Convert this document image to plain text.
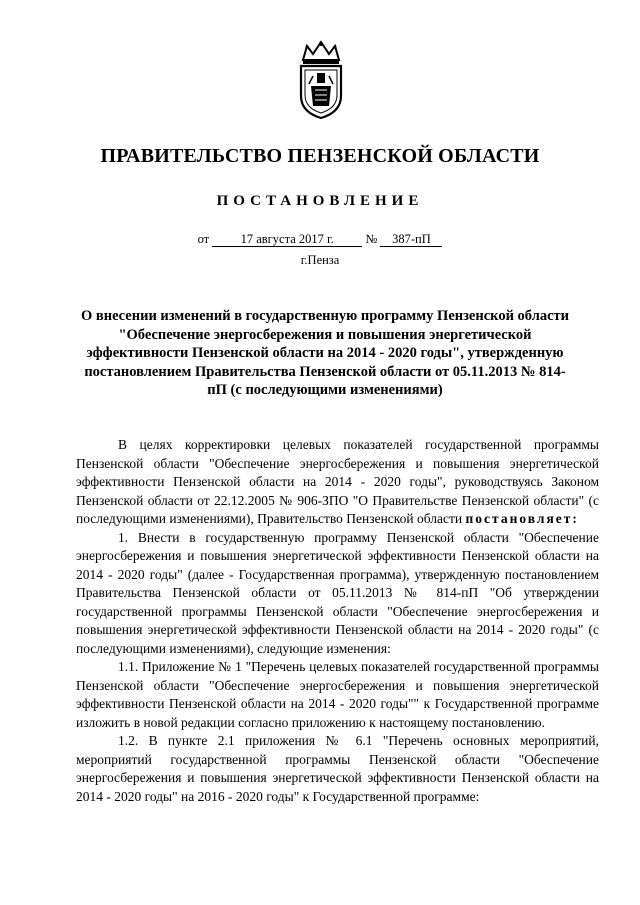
ПРАВИТЕЛЬСТВО ПЕНЗЕНСКОЙ ОБЛАСТИ
ПОСТАНОВЛЕНИЕ
от	17 августа 2017 г.	№ 387-пП
г.Пенза
О внесении изменений в государственную программу Пензенской области "Обеспечение энергосбережения и повышения энергетической эффективности Пензенской области на 2014 - 2020 годы", утвержденную постановлением Правительства Пензенской области от 05.11.2013 № 814-пП (с последующими изменениями)

В целях корректировки целевых показателей государственной программы Пензенской области "Обеспечение энергосбережения и повышения энергетической эффективности Пензенской области на 2014 - 2020 годы", руководствуясь Законом Пензенской области от 22.12.2005 № 906-ЗПО "О Правительстве Пензенской области" (с последующими изменениями), Правительство Пензенской области постановляет:

1. Внести в государственную программу Пензенской области "Обеспечение энергосбережения и повышения энергетической эффективности Пензенской области на 2014 - 2020 годы" (далее - Государственная программа), утвержденную постановлением Правительства Пензенской области от 05.11.2013 № 814-пП "Об утверждении государственной программы Пензенской области "Обеспечение энергосбережения и повышения энергетической эффективности Пензенской области на 2014 - 2020 годы" (с последующими изменениями), следующие изменения:

1.1. Приложение № 1 "Перечень целевых показателей государственной программы Пензенской области "Обеспечение энергосбережения и повышения энергетической эффективности Пензенской области на 2014 - 2020 годы"" к Государственной программе изложить в новой редакции согласно приложению к настоящему постановлению.

1.2. В пункте 2.1 приложения № 6.1 "Перечень основных мероприятий, мероприятий государственной программы Пензенской области "Обеспечение энергосбережения и повышения энергетической эффективности Пензенской области на 2014 - 2020 годы" на 2016 - 2020 годы" к Государственной программе:
